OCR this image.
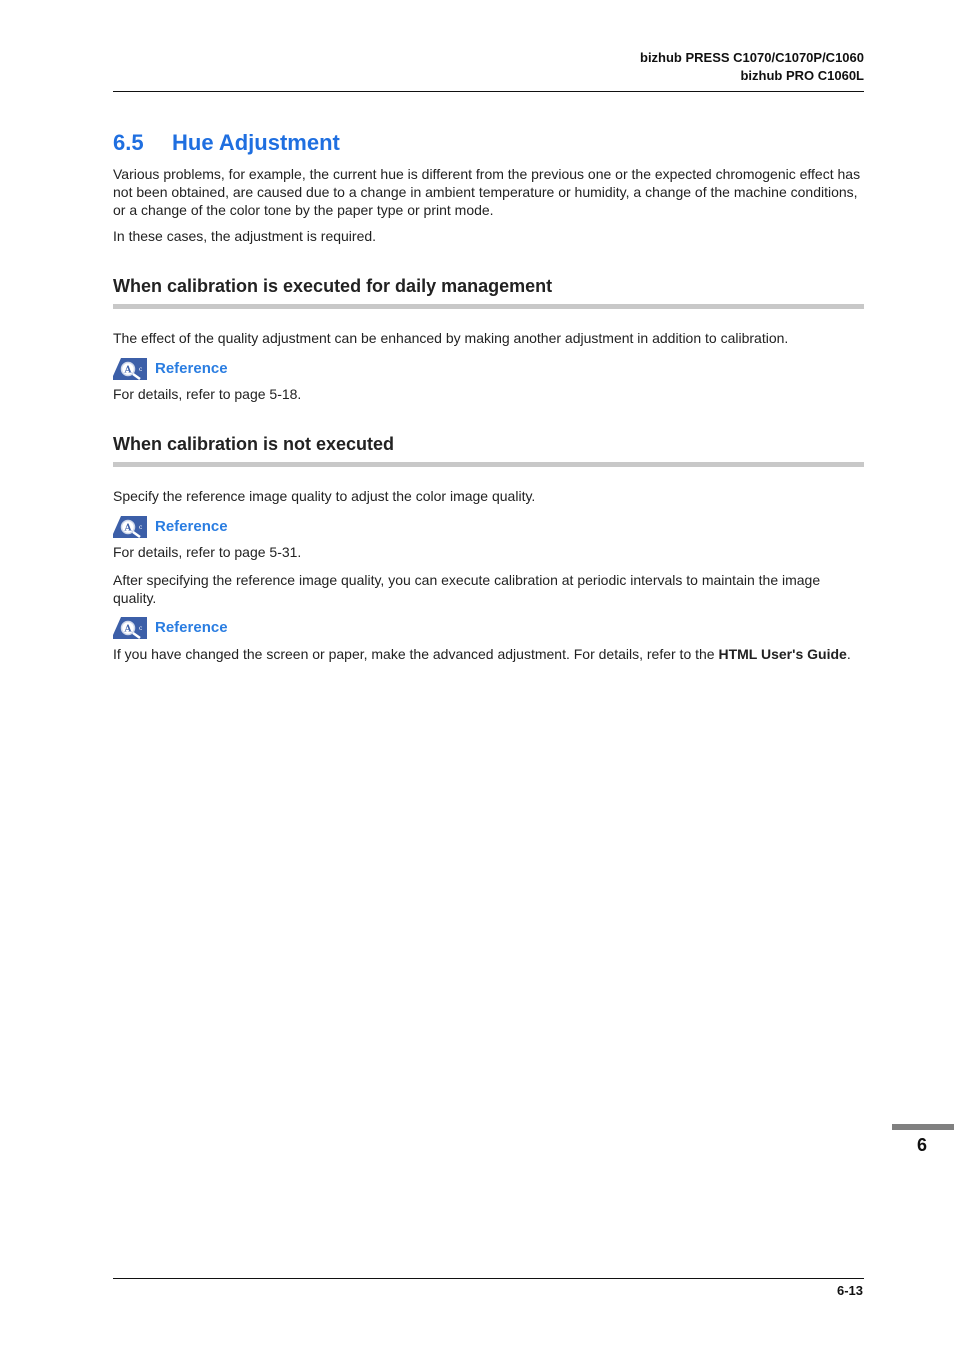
bizhub PRESS C1070/C1070P/C1060
bizhub PRO C1060L
6.5 Hue Adjustment
Various problems, for example, the current hue is different from the previous one or the expected chromogenic effect has not been obtained, are caused due to a change in ambient temperature or humidity, a change of the machine conditions, or a change of the color tone by the paper type or print mode.
In these cases, the adjustment is required.
When calibration is executed for daily management
The effect of the quality adjustment can be enhanced by making another adjustment in addition to calibration.
A c Reference
For details, refer to page 5-18.
When calibration is not executed
Specify the reference image quality to adjust the color image quality.
A c Reference
For details, refer to page 5-31.
After specifying the reference image quality, you can execute calibration at periodic intervals to maintain the image quality.
A c Reference
If you have changed the screen or paper, make the advanced adjustment. For details, refer to the HTML User's Guide.
6
6-13
